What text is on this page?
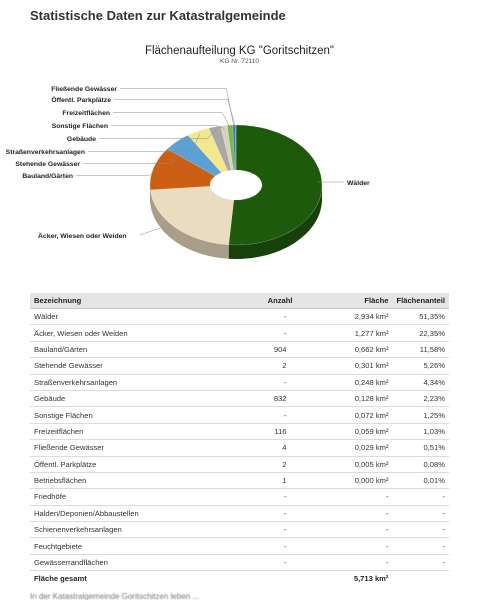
Statistische Daten zur Katastralgemeinde
Flächenaufteilung KG "Goritschitzen"
KG Nr. 72110
Fließende Gewässer
Öffentl. Parkplätze
Freizeitflächen
Sonstige Flächen
Gebäude
Straßenverkehrsanlagen
Stehende Gewässer
Bauland/Gärten
Wälder
Äcker, Wiesen oder Weiden
Bezeichnung	Anzahl	Fläche	Flächenanteil
Wälder	-	2,934 km²	51,35%
Äcker, Wiesen oder Weiden	-	1,277 km²	22,35%
Bauland/Gärten	904	0,662 km²	11,58%
Stehende Gewässer	2	0,301 km²	5,26%
Straßenverkehrsanlagen	-	0,248 km²	4,34%
Gebäude	832	0,128 km²	2,23%
Sonstige Flächen	-	0,072 km²	1,25%
Freizeitflächen	116	0,059 km²	1,03%
Fließende Gewässer	4	0,029 km²	0,51%
Öffentl. Parkplätze	2	0,005 km²	0,08%
Betriebsflächen	1	0,000 km²	0,01%
Friedhöfe	-	-	-
Halden/Deponien/Abbaustellen	-	-	-
Schienenverkehrsanlagen	-	-	-
Feuchtgebiete	-	-	-
Gewässerrandflächen	-	-	-
Fläche gesamt		5,713 km²	
In der Katastralgemeinde Goritschitzen leben ...
